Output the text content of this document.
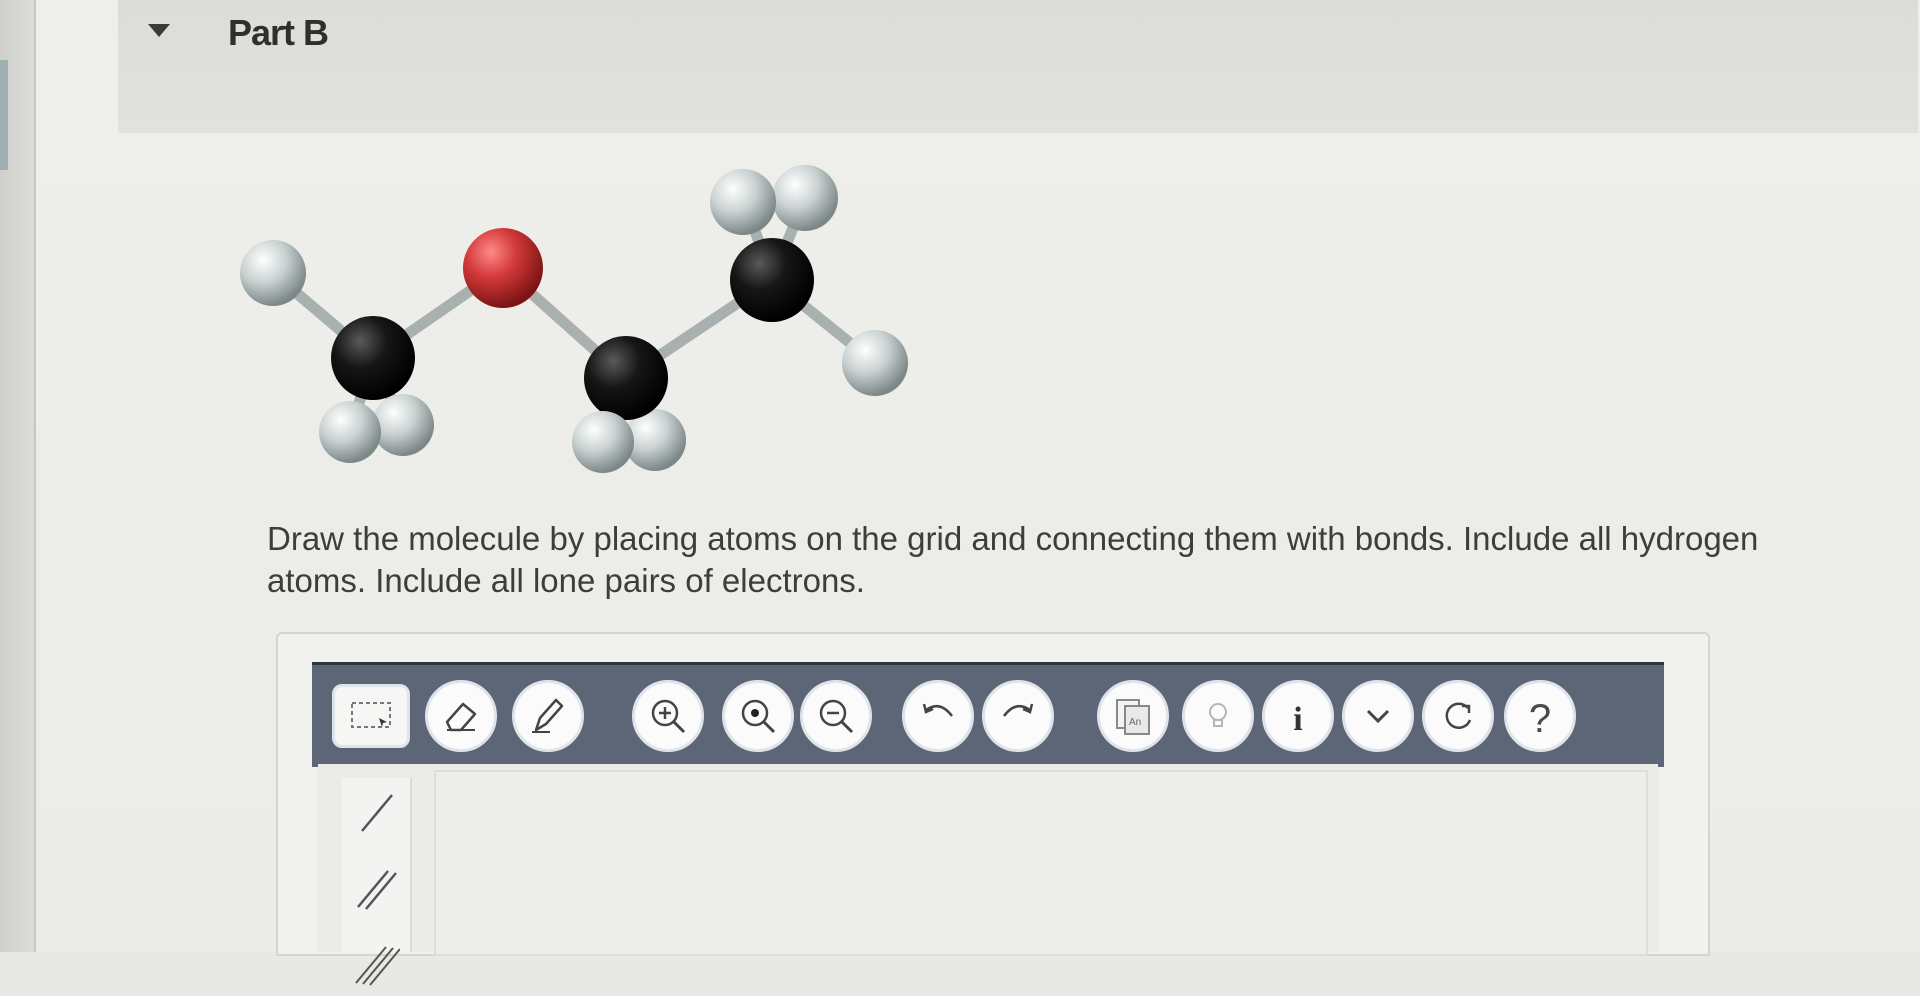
Part B
Draw the molecule by placing atoms on the grid and connecting them with bonds. Include all hydrogen atoms. Include all lone pairs of electrons.
An	i	?
